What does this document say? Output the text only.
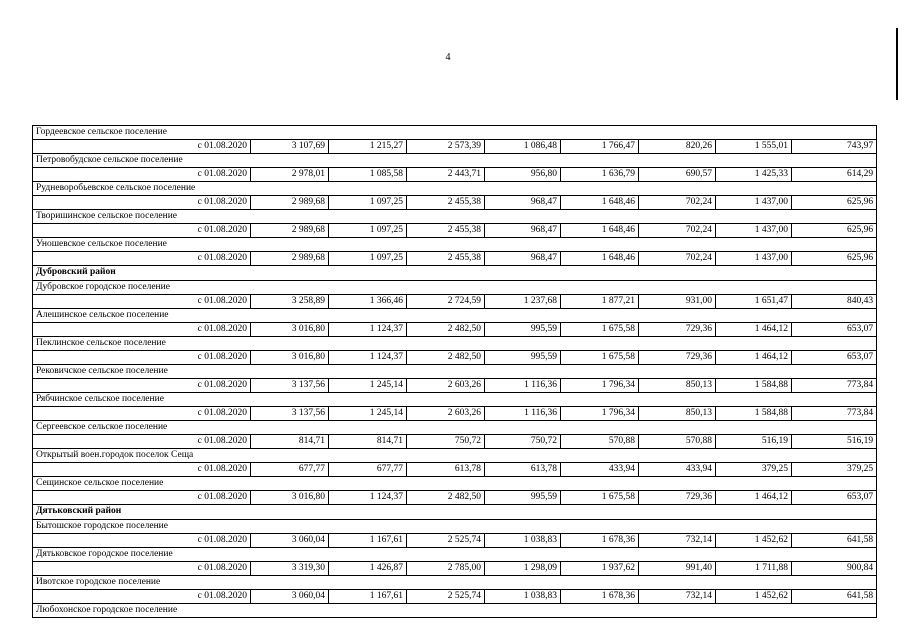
4
Гордеевское сельское поселение								
с 01.08.2020	3 107,69	1 215,27	2 573,39	1 086,48	1 766,47	820,26	1 555,01	743,97
Петровобудское сельское поселение								
с 01.08.2020	2 978,01	1 085,58	2 443,71	956,80	1 636,79	690,57	1 425,33	614,29
Рудневоробьевское сельское поселение								
с 01.08.2020	2 989,68	1 097,25	2 455,38	968,47	1 648,46	702,24	1 437,00	625,96
Творишинское сельское поселение								
с 01.08.2020	2 989,68	1 097,25	2 455,38	968,47	1 648,46	702,24	1 437,00	625,96
Уношевское сельское поселение								
с 01.08.2020	2 989,68	1 097,25	2 455,38	968,47	1 648,46	702,24	1 437,00	625,96
Дубровский район								
Дубровское городское поселение								
с 01.08.2020	3 258,89	1 366,46	2 724,59	1 237,68	1 877,21	931,00	1 651,47	840,43
Алешинское сельское поселение								
с 01.08.2020	3 016,80	1 124,37	2 482,50	995,59	1 675,58	729,36	1 464,12	653,07
Пеклинское сельское поселение								
с 01.08.2020	3 016,80	1 124,37	2 482,50	995,59	1 675,58	729,36	1 464,12	653,07
Рековичское сельское поселение								
с 01.08.2020	3 137,56	1 245,14	2 603,26	1 116,36	1 796,34	850,13	1 584,88	773,84
Рябчинское сельское поселение								
с 01.08.2020	3 137,56	1 245,14	2 603,26	1 116,36	1 796,34	850,13	1 584,88	773,84
Сергеевское сельское поселение								
с 01.08.2020	814,71	814,71	750,72	750,72	570,88	570,88	516,19	516,19
Открытый воен.городок поселок Сеща								
с 01.08.2020	677,77	677,77	613,78	613,78	433,94	433,94	379,25	379,25
Сещинское сельское поселение								
с 01.08.2020	3 016,80	1 124,37	2 482,50	995,59	1 675,58	729,36	1 464,12	653,07
Дятьковский район								
Бытошское городское поселение								
с 01.08.2020	3 060,04	1 167,61	2 525,74	1 038,83	1 678,36	732,14	1 452,62	641,58
Дятьковское городское поселение								
с 01.08.2020	3 319,30	1 426,87	2 785,00	1 298,09	1 937,62	991,40	1 711,88	900,84
Ивотское городское поселение								
с 01.08.2020	3 060,04	1 167,61	2 525,74	1 038,83	1 678,36	732,14	1 452,62	641,58
Любохонское городское поселение								
